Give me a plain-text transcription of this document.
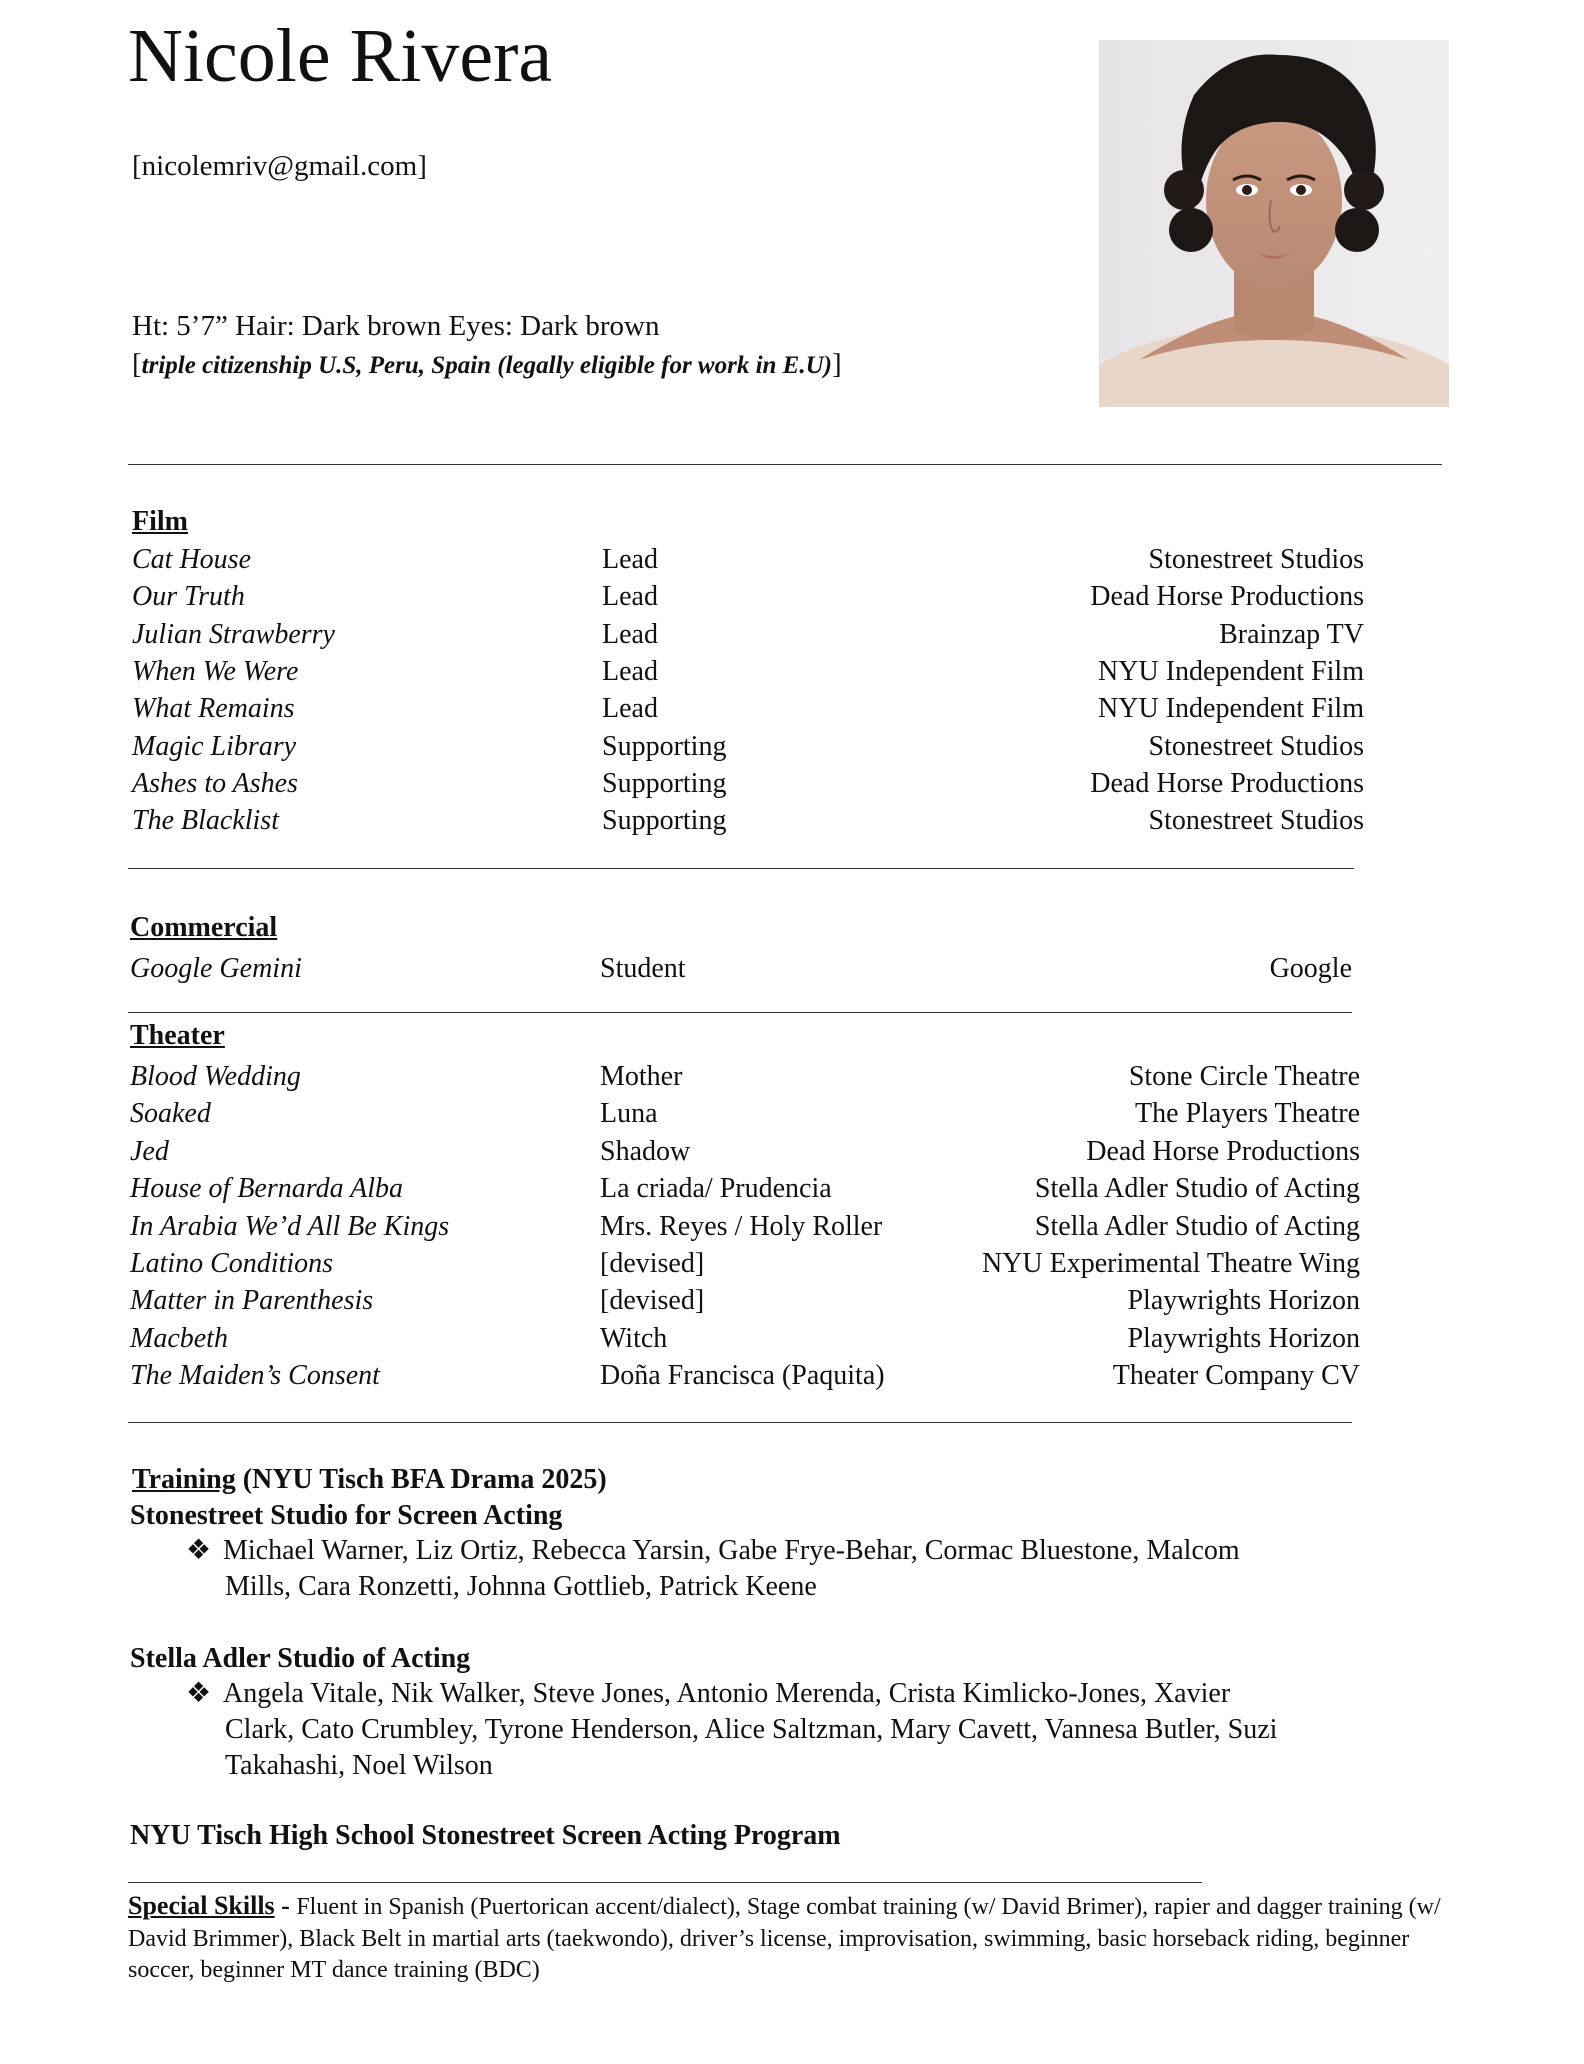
Nicole Rivera
[nicolemriv@gmail.com]
Ht: 5’7” Hair: Dark brown Eyes: Dark brown
[triple citizenship U.S, Peru, Spain (legally eligible for work in E.U)]
Film
Cat House	Lead	Stonestreet Studios
Our Truth	Lead	Dead Horse Productions
Julian Strawberry	Lead	Brainzap TV
When We Were	Lead	NYU Independent Film
What Remains	Lead	NYU Independent Film
Magic Library	Supporting	Stonestreet Studios
Ashes to Ashes	Supporting	Dead Horse Productions
The Blacklist	Supporting	Stonestreet Studios
Commercial
Google Gemini	Student	Google
Theater
Blood Wedding	Mother	Stone Circle Theatre
Soaked	Luna	The Players Theatre
Jed	Shadow	Dead Horse Productions
House of Bernarda Alba	La criada/ Prudencia	Stella Adler Studio of Acting
In Arabia We’d All Be Kings	Mrs. Reyes / Holy Roller	Stella Adler Studio of Acting
Latino Conditions	[devised]	NYU Experimental Theatre Wing
Matter in Parenthesis	[devised]	Playwrights Horizon
Macbeth	Witch	Playwrights Horizon
The Maiden’s Consent	Doña Francisca (Paquita)	Theater Company CV
Training (NYU Tisch BFA Drama 2025)
Stonestreet Studio for Screen Acting
❖ Michael Warner, Liz Ortiz, Rebecca Yarsin, Gabe Frye-Behar, Cormac Bluestone, Malcom
Mills, Cara Ronzetti, Johnna Gottlieb, Patrick Keene
Stella Adler Studio of Acting
❖ Angela Vitale, Nik Walker, Steve Jones, Antonio Merenda, Crista Kimlicko-Jones, Xavier
Clark, Cato Crumbley, Tyrone Henderson, Alice Saltzman, Mary Cavett, Vannesa Butler, Suzi
Takahashi, Noel Wilson
NYU Tisch High School Stonestreet Screen Acting Program
Special Skills - Fluent in Spanish (Puertorican accent/dialect), Stage combat training (w/ David Brimer), rapier and dagger training (w/ David Brimmer), Black Belt in martial arts (taekwondo), driver’s license, improvisation, swimming, basic horseback riding, beginner soccer, beginner MT dance training (BDC)
